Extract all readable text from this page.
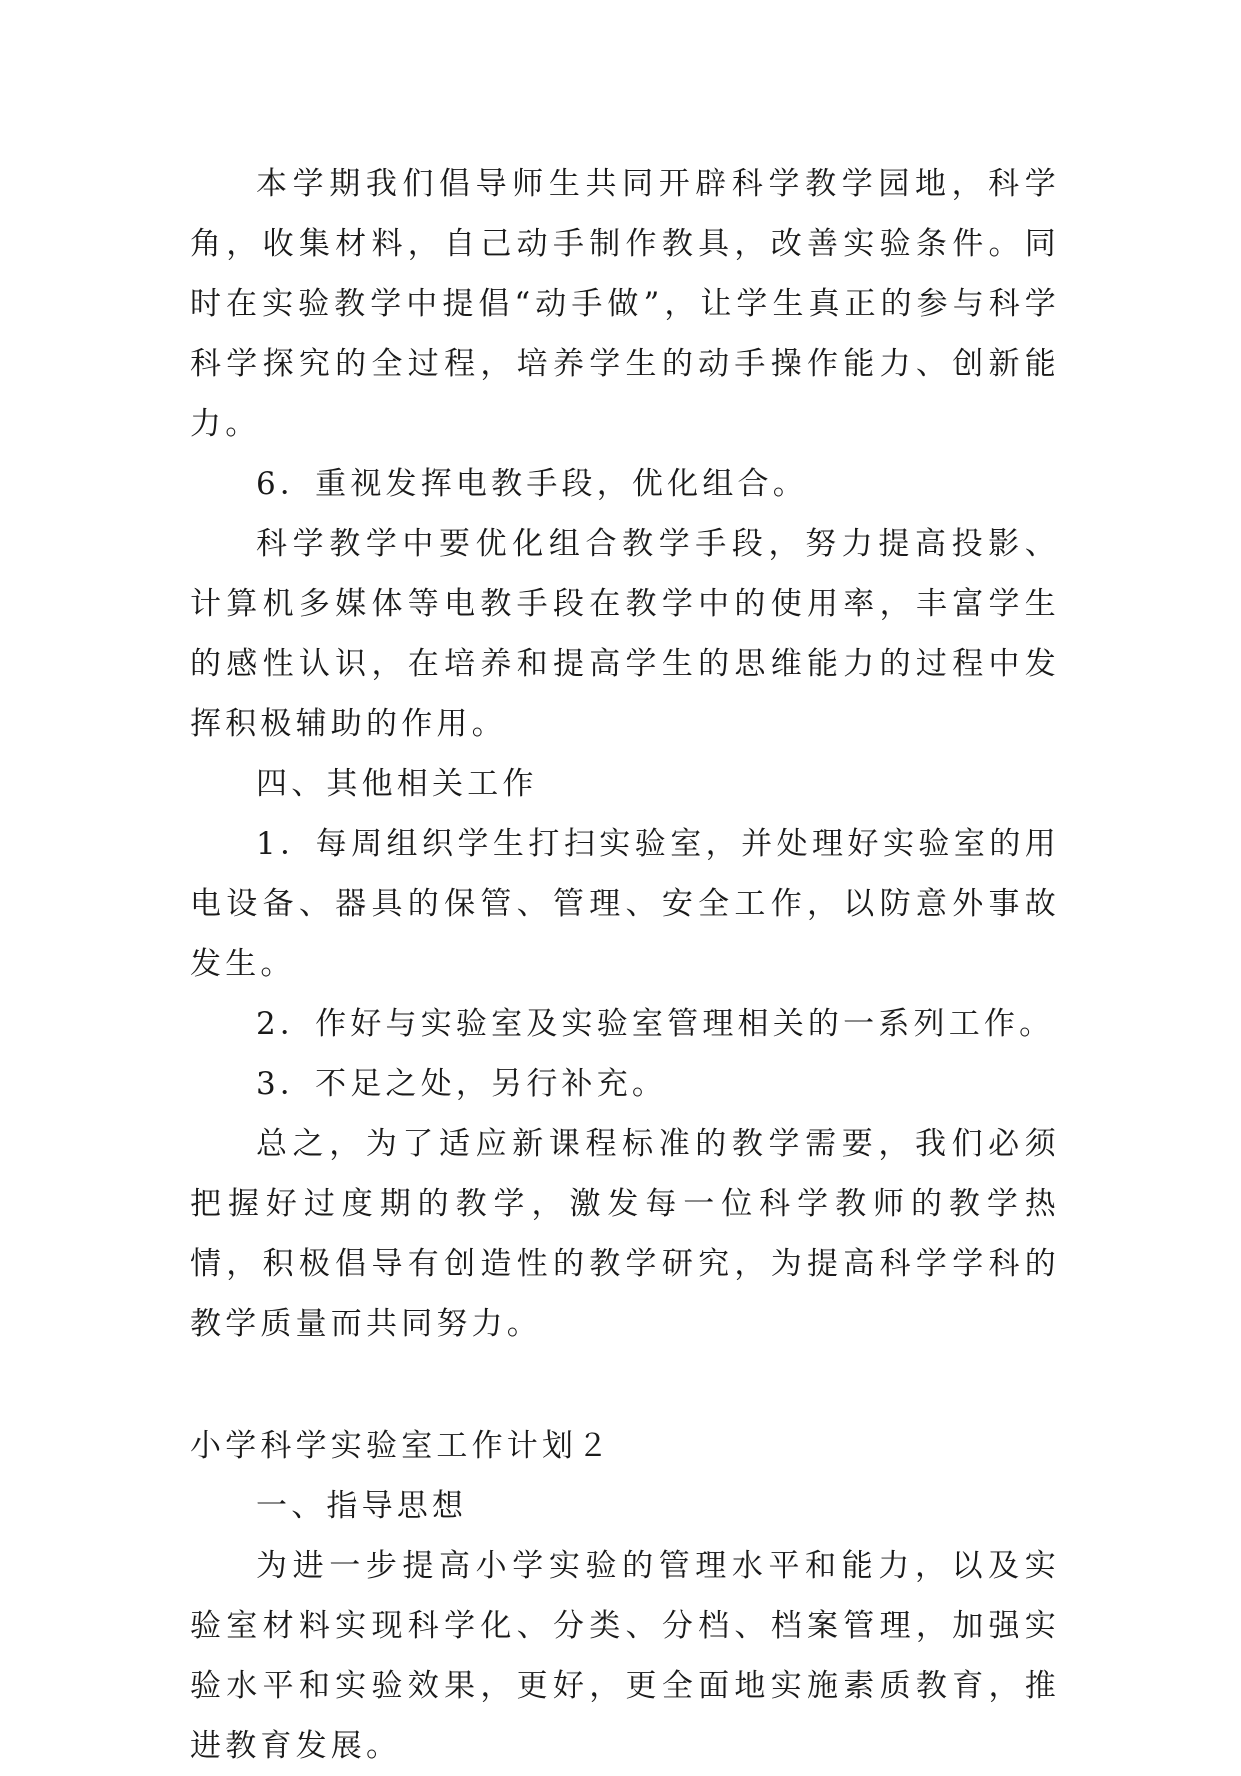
本学期我们倡导师生共同开辟科学教学园地，科学角，收集材料，自己动手制作教具，改善实验条件。同时在实验教学中提倡“动手做”，让学生真正的参与科学科学探究的全过程，培养学生的动手操作能力、创新能力。

6．重视发挥电教手段，优化组合。

科学教学中要优化组合教学手段，努力提高投影、计算机多媒体等电教手段在教学中的使用率，丰富学生的感性认识，在培养和提高学生的思维能力的过程中发挥积极辅助的作用。

四、其他相关工作

1．每周组织学生打扫实验室，并处理好实验室的用电设备、器具的保管、管理、安全工作，以防意外事故发生。

2．作好与实验室及实验室管理相关的一系列工作。

3．不足之处，另行补充。

总之，为了适应新课程标准的教学需要，我们必须把握好过度期的教学，激发每一位科学教师的教学热情，积极倡导有创造性的教学研究，为提高科学学科的教学质量而共同努力。

小学科学实验室工作计划２

一、指导思想

为进一步提高小学实验的管理水平和能力，以及实验室材料实现科学化、分类、分档、档案管理，加强实验水平和实验效果，更好，更全面地实施素质教育，推进教育发展。
